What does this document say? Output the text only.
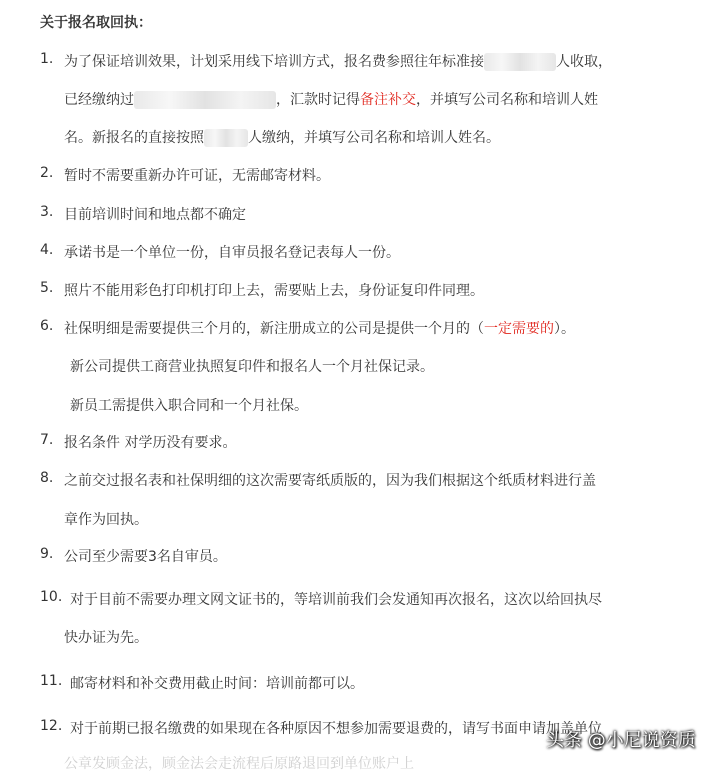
关于报名取回执：
1. 为了保证培训效果，计划采用线下培训方式，报名费参照往年标准接	人收取，
已经缴纳过	，汇款时记得备注补交，并填写公司名称和培训人姓
名。新报名的直接按照	人缴纳，并填写公司名称和培训人姓名。
2. 暂时不需要重新办许可证，无需邮寄材料。
3. 目前培训时间和地点都不确定
4. 承诺书是一个单位一份，自审员报名登记表每人一份。
5. 照片不能用彩色打印机打印上去，需要贴上去，身份证复印件同理。
6. 社保明细是需要提供三个月的，新注册成立的公司是提供一个月的（一定需要的）。
新公司提供工商营业执照复印件和报名人一个月社保记录。
新员工需提供入职合同和一个月社保。
7. 报名条件 对学历没有要求。
8. 之前交过报名表和社保明细的这次需要寄纸质版的，因为我们根据这个纸质材料进行盖
章作为回执。
9. 公司至少需要3名自审员。
10. 对于目前不需要办理文网文证书的，等培训前我们会发通知再次报名，这次以给回执尽
快办证为先。
11. 邮寄材料和补交费用截止时间：培训前都可以。
12. 对于前期已报名缴费的如果现在各种原因不想参加需要退费的，请写书面申请加盖单位
公章发顾金法，顾金法会走流程后原路退回到单位账户上
头条 @小尼说资质
